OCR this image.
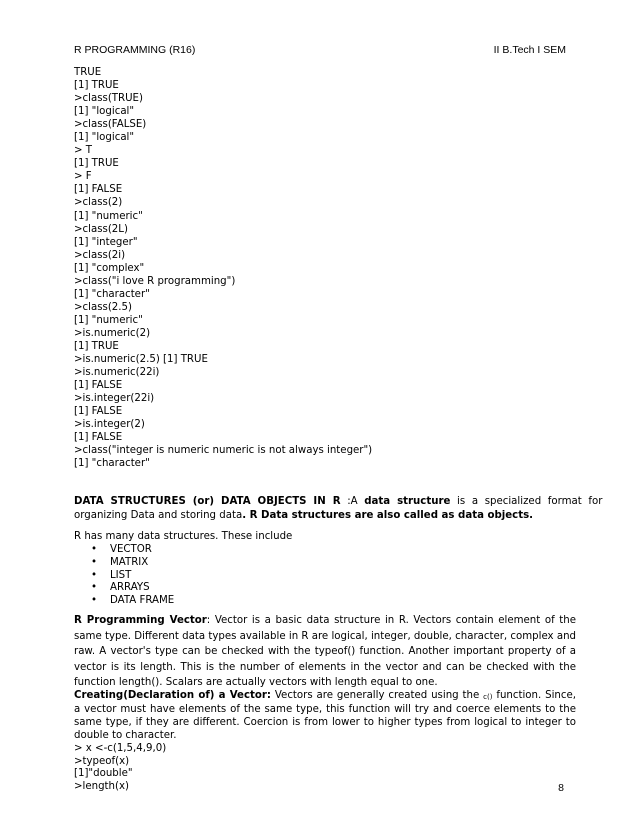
R PROGRAMMING (R16)	II B.Tech I SEM
TRUE
[1] TRUE
>class(TRUE)
[1] "logical"
>class(FALSE)
[1] "logical"
> T
[1] TRUE
> F
[1] FALSE
>class(2)
[1] "numeric"
>class(2L)
[1] "integer"
>class(2i)
[1] "complex"
>class("i love R programming")
[1] "character"
>class(2.5)
[1] "numeric"
>is.numeric(2)
[1] TRUE
>is.numeric(2.5) [1] TRUE
>is.numeric(22i)
[1] FALSE
>is.integer(22i)
[1] FALSE
>is.integer(2)
[1] FALSE
>class("integer is numeric numeric is not always integer")
[1] "character"

DATA STRUCTURES (or) DATA OBJECTS IN R :A data structure is a specialized format for

organizing Data and storing data. R Data structures are also called as data objects.

R has many data structures. These include
• VECTOR
• MATRIX
• LIST
• ARRAYS
• DATA FRAME
R Programming Vector: Vector is a basic data structure in R. Vectors contain element of the same type. Different data types available in R are logical, integer, double, character, complex and raw. A vector's type can be checked with the typeof() function. Another important property of a vector is its length. This is the number of elements in the vector and can be checked with the function length(). Scalars are actually vectors with length equal to one.
Creating(Declaration of) a Vector: Vectors are generally created using the c() function. Since, a vector must have elements of the same type, this function will try and coerce elements to the same type, if they are different. Coercion is from lower to higher types from logical to integer to double to character.
> x <-c(1,5,4,9,0)
>typeof(x)
[1]"double"
>length(x)	8
